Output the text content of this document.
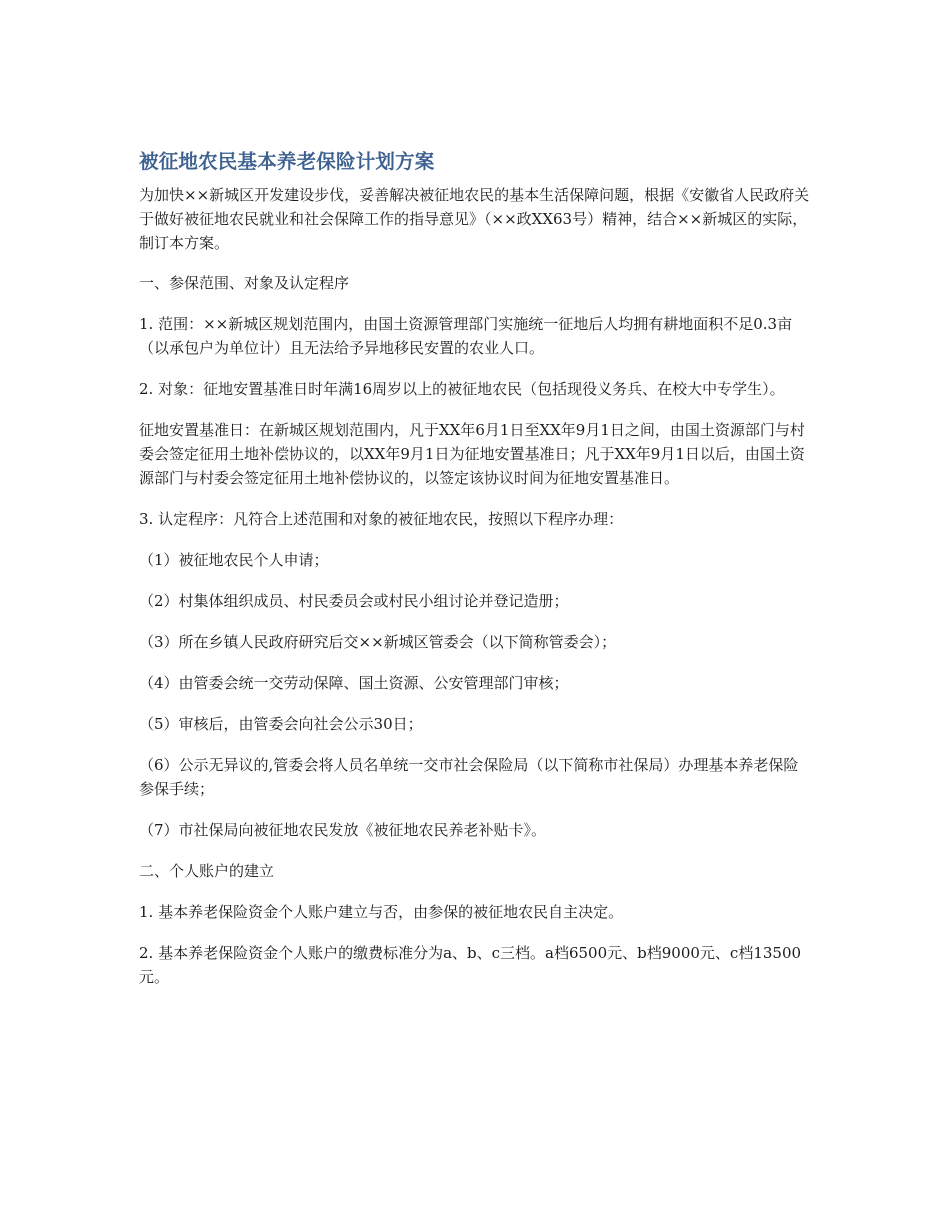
被征地农民基本养老保险计划方案

为加快××新城区开发建设步伐，妥善解决被征地农民的基本生活保障问题，根据《安徽省人民政府关于做好被征地农民就业和社会保障工作的指导意见》（××政XX63号）精神，结合××新城区的实际，制订本方案。

一、参保范围、对象及认定程序

1. 范围：××新城区规划范围内，由国土资源管理部门实施统一征地后人均拥有耕地面积不足0.3亩（以承包户为单位计）且无法给予异地移民安置的农业人口。

2. 对象：征地安置基准日时年满16周岁以上的被征地农民（包括现役义务兵、在校大中专学生）。

征地安置基准日：在新城区规划范围内，凡于XX年6月1日至XX年9月1日之间，由国土资源部门与村委会签定征用土地补偿协议的，以XX年9月1日为征地安置基准日；凡于XX年9月1日以后，由国土资源部门与村委会签定征用土地补偿协议的，以签定该协议时间为征地安置基准日。

3. 认定程序：凡符合上述范围和对象的被征地农民，按照以下程序办理：

（1）被征地农民个人申请；

（2）村集体组织成员、村民委员会或村民小组讨论并登记造册；

（3）所在乡镇人民政府研究后交××新城区管委会（以下简称管委会）；

（4）由管委会统一交劳动保障、国土资源、公安管理部门审核；

（5）审核后，由管委会向社会公示30日；

（6）公示无异议的,管委会将人员名单统一交市社会保险局（以下简称市社保局）办理基本养老保险参保手续；

（7）市社保局向被征地农民发放《被征地农民养老补贴卡》。

二、个人账户的建立

1. 基本养老保险资金个人账户建立与否，由参保的被征地农民自主决定。

2. 基本养老保险资金个人账户的缴费标准分为a、b、c三档。a档6500元、b档9000元、c档13500元。
